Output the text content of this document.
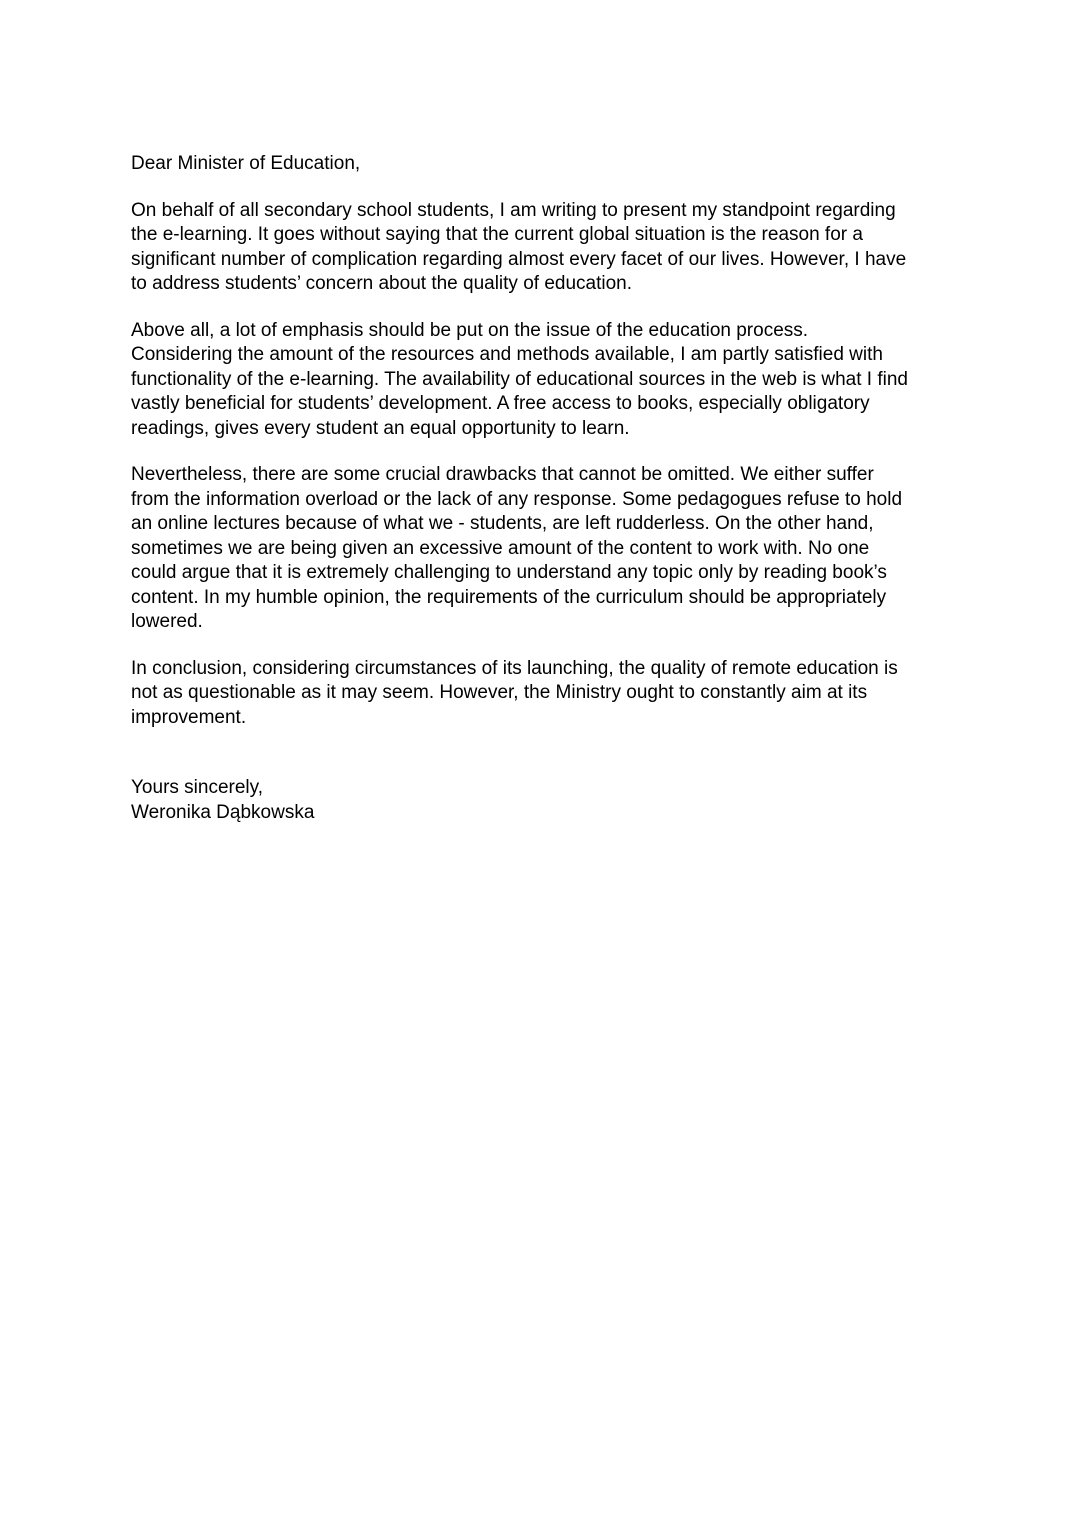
Dear Minister of Education,
On behalf of all secondary school students, I am writing to present my standpoint regarding
the e-learning. It goes without saying that the current global situation is the reason for a
significant number of complication regarding almost every facet of our lives. However, I have
to address students’ concern about the quality of education.
Above all, a lot of emphasis should be put on the issue of the education process.
Considering the amount of the resources and methods available, I am partly satisfied with
functionality of the e-learning. The availability of educational sources in the web is what I find
vastly beneficial for students’ development. A free access to books, especially obligatory
readings, gives every student an equal opportunity to learn.
Nevertheless, there are some crucial drawbacks that cannot be omitted. We either suffer
from the information overload or the lack of any response. Some pedagogues refuse to hold
an online lectures because of what we - students, are left rudderless. On the other hand,
sometimes we are being given an excessive amount of the content to work with. No one
could argue that it is extremely challenging to understand any topic only by reading book’s
content. In my humble opinion, the requirements of the curriculum should be appropriately
lowered.
In conclusion, considering circumstances of its launching, the quality of remote education is
not as questionable as it may seem. However, the Ministry ought to constantly aim at its
improvement.
Yours sincerely,
Weronika Dąbkowska
